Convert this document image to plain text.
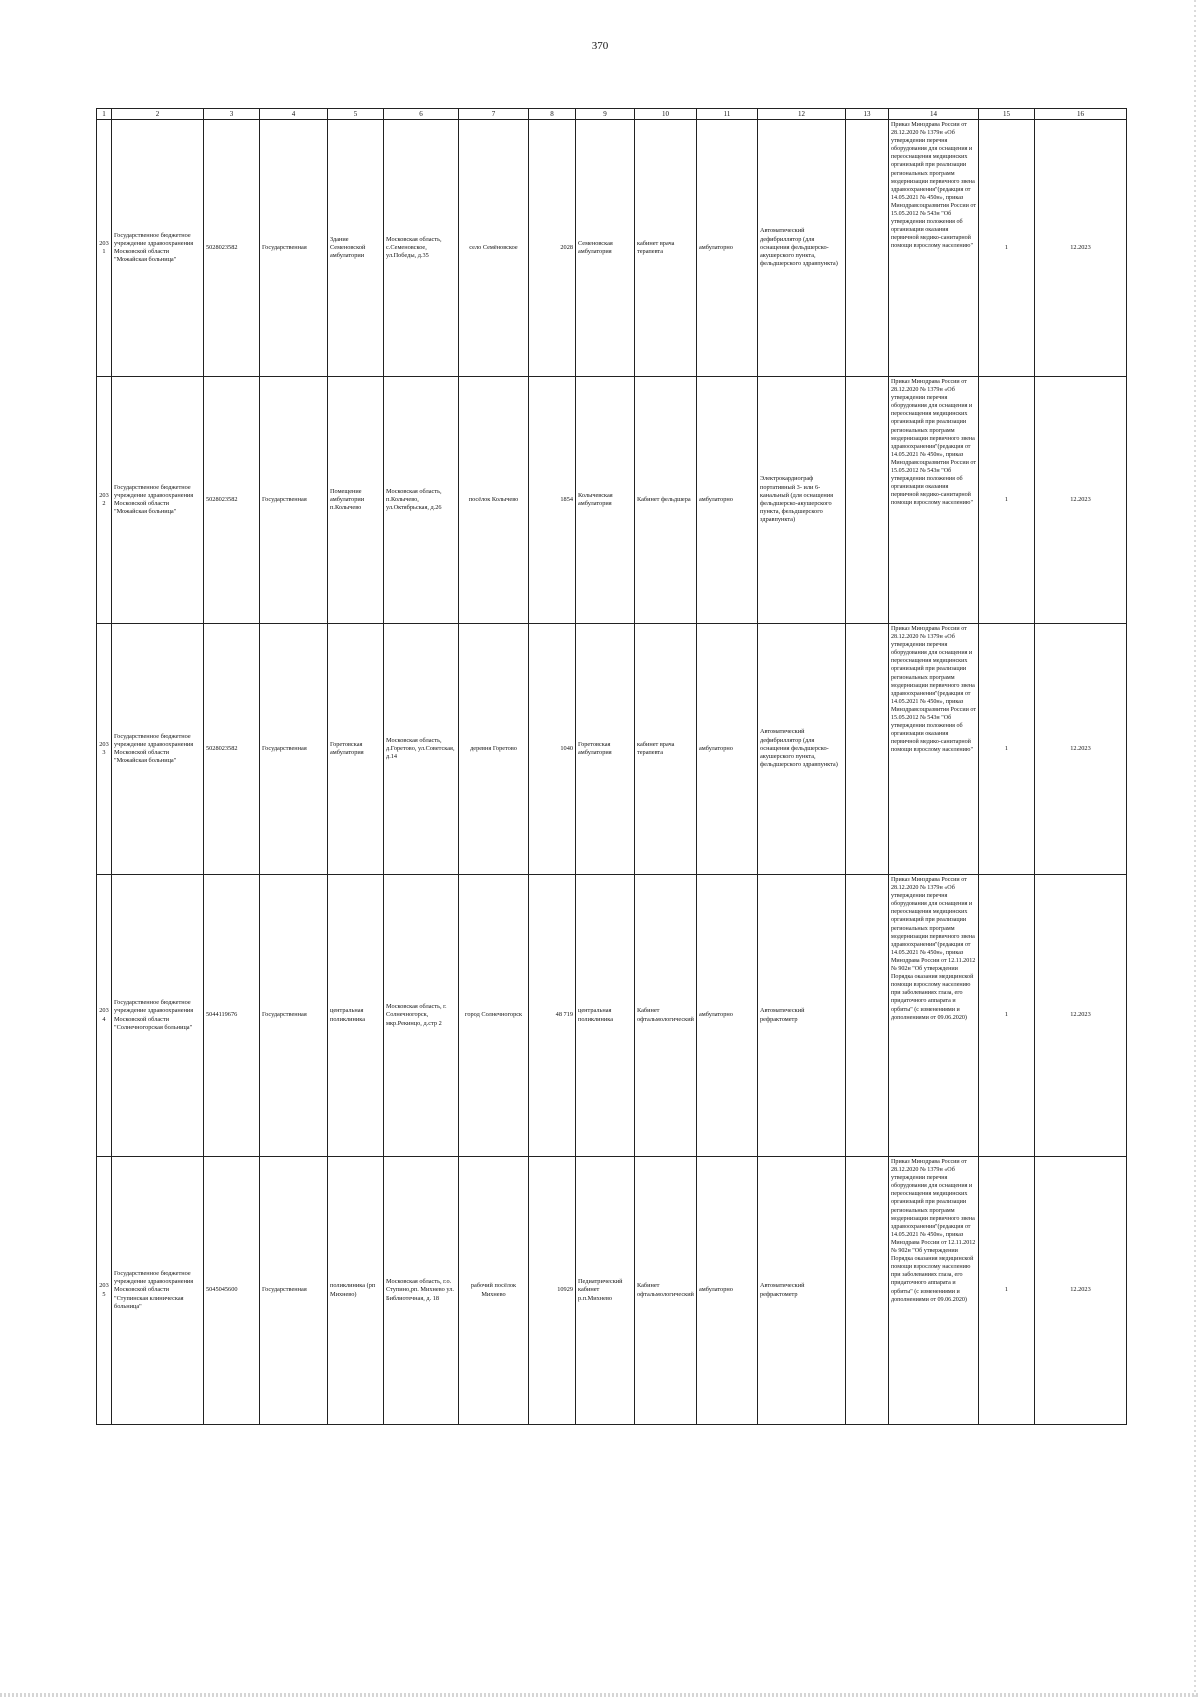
370
1	2	3	4	5	6	7	8	9	10	11	12	13	14	15	16
2031	Государственное бюджетное учреждение здравоохранения Московской области "Можайская больница"	5028023582	Государственная	Здание Семеновской амбулатории	Московская область, с.Семеновское, ул.Победы, д.35	село Семёновское	2028	Семеновская амбулатория	кабинет врача терапевта	амбулаторно	Автоматический дефибриллятор (для оснащения фельдшерско-акушерского пункта, фельдшерского здравпункта)		Приказ Минздрава России от 28.12.2020 № 1379н «Об утверждении перечня оборудования для оснащения и переоснащения медицинских организаций при реализации региональных программ модернизации первичного звена здравоохранения"(редакция от 14.05.2021 № 450н», приказ Минздравсоцразвития России от 15.05.2012 № 543н "Об утверждении положения об организации оказания первичной медико-санитарной помощи взрослому населению"	1	12.2023
2032	Государственное бюджетное учреждение здравоохранения Московской области "Можайская больница"	5028023582	Государственная	Помещение амбулатории п.Колычево	Московская область, п.Колычево, ул.Октябрьская, д.26	посёлок Колычево	1854	Колычевская амбулатория	Кабинет фельдшера	амбулаторно	Электрокардиограф портативный 3- или 6-канальный (для оснащения фельдшерско-акушерского пункта, фельдшерского здравпункта)		Приказ Минздрава России от 28.12.2020 № 1379н «Об утверждении перечня оборудования для оснащения и переоснащения медицинских организаций при реализации региональных программ модернизации первичного звена здравоохранения"(редакция от 14.05.2021 № 450н», приказ Минздравсоцразвития России от 15.05.2012 № 543н "Об утверждении положения об организации оказания первичной медико-санитарной помощи взрослому населению"	1	12.2023
2033	Государственное бюджетное учреждение здравоохранения Московской области "Можайская больница"	5028023582	Государственная	Горетовская амбулатория	Московская область, д.Горетово, ул.Советская, д.14	деревня Горетово	1040	Горетовская амбулатория	кабинет врача терапевта	амбулаторно	Автоматический дефибриллятор (для оснащения фельдшерско-акушерского пункта, фельдшерского здравпункта)		Приказ Минздрава России от 28.12.2020 № 1379н «Об утверждении перечня оборудования для оснащения и переоснащения медицинских организаций при реализации региональных программ модернизации первичного звена здравоохранения"(редакция от 14.05.2021 № 450н», приказ Минздравсоцразвития России от 15.05.2012 № 543н "Об утверждении положения об организации оказания первичной медико-санитарной помощи взрослому населению"	1	12.2023
2034	Государственное бюджетное учреждение здравоохранения Московской области "Солнечногорская больница"	5044119676	Государственная	центральная поликлиника	Московская область, г. Солнечногорск, мкр.Рекинцо, д.стр 2	город Солнечногорск	48 719	центральная поликлиника	Кабинет офтальмологический	амбулаторно	Автоматический рефрактометр		Приказ Минздрава России от 28.12.2020 № 1379н «Об утверждении перечня оборудования для оснащения и переоснащения медицинских организаций при реализации региональных программ модернизации первичного звена здравоохранения"(редакция от 14.05.2021 № 450н», приказ Минздрава России от 12.11.2012 № 902н "Об утверждении Порядка оказания медицинской помощи взрослому населению при заболеваниях глаза, его придаточного аппарата и орбиты" (с изменениями и дополнениями от 09.06.2020)	1	12.2023
2035	Государственное бюджетное учреждение здравоохранения Московской области "Ступинская клиническая больница"	5045045600	Государственная	поликлиника (рп Михнево)	Московская область, г.о. Ступино,рп. Михнево ул. Библиотечная, д. 18	рабочий посёлок Михнево	10929	Педиатрический кабинет р.п.Михнево	Кабинет офтальмологический	амбулаторно	Автоматический рефрактометр		Приказ Минздрава России от 28.12.2020 № 1379н «Об утверждении перечня оборудования для оснащения и переоснащения медицинских организаций при реализации региональных программ модернизации первичного звена здравоохранения"(редакция от 14.05.2021 № 450н», приказ Минздрава России от 12.11.2012 № 902н "Об утверждении Порядка оказания медицинской помощи взрослому населению при заболеваниях глаза, его придаточного аппарата и орбиты" (с изменениями и дополнениями от 09.06.2020)	1	12.2023
